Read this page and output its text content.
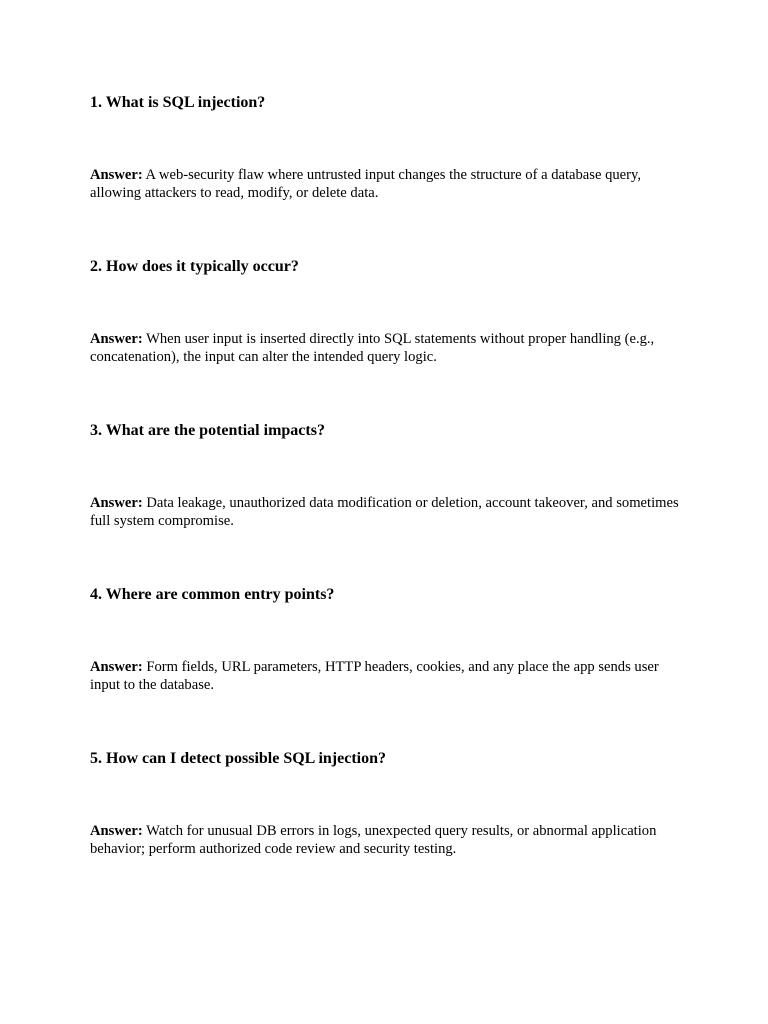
1. What is SQL injection?

Answer: A web-security flaw where untrusted input changes the structure of a database query, allowing attackers to read, modify, or delete data.

2. How does it typically occur?

Answer: When user input is inserted directly into SQL statements without proper handling (e.g., concatenation), the input can alter the intended query logic.

3. What are the potential impacts?

Answer: Data leakage, unauthorized data modification or deletion, account takeover, and sometimes full system compromise.

4. Where are common entry points?

Answer: Form fields, URL parameters, HTTP headers, cookies, and any place the app sends user input to the database.

5. How can I detect possible SQL injection?

Answer: Watch for unusual DB errors in logs, unexpected query results, or abnormal application behavior; perform authorized code review and security testing.
